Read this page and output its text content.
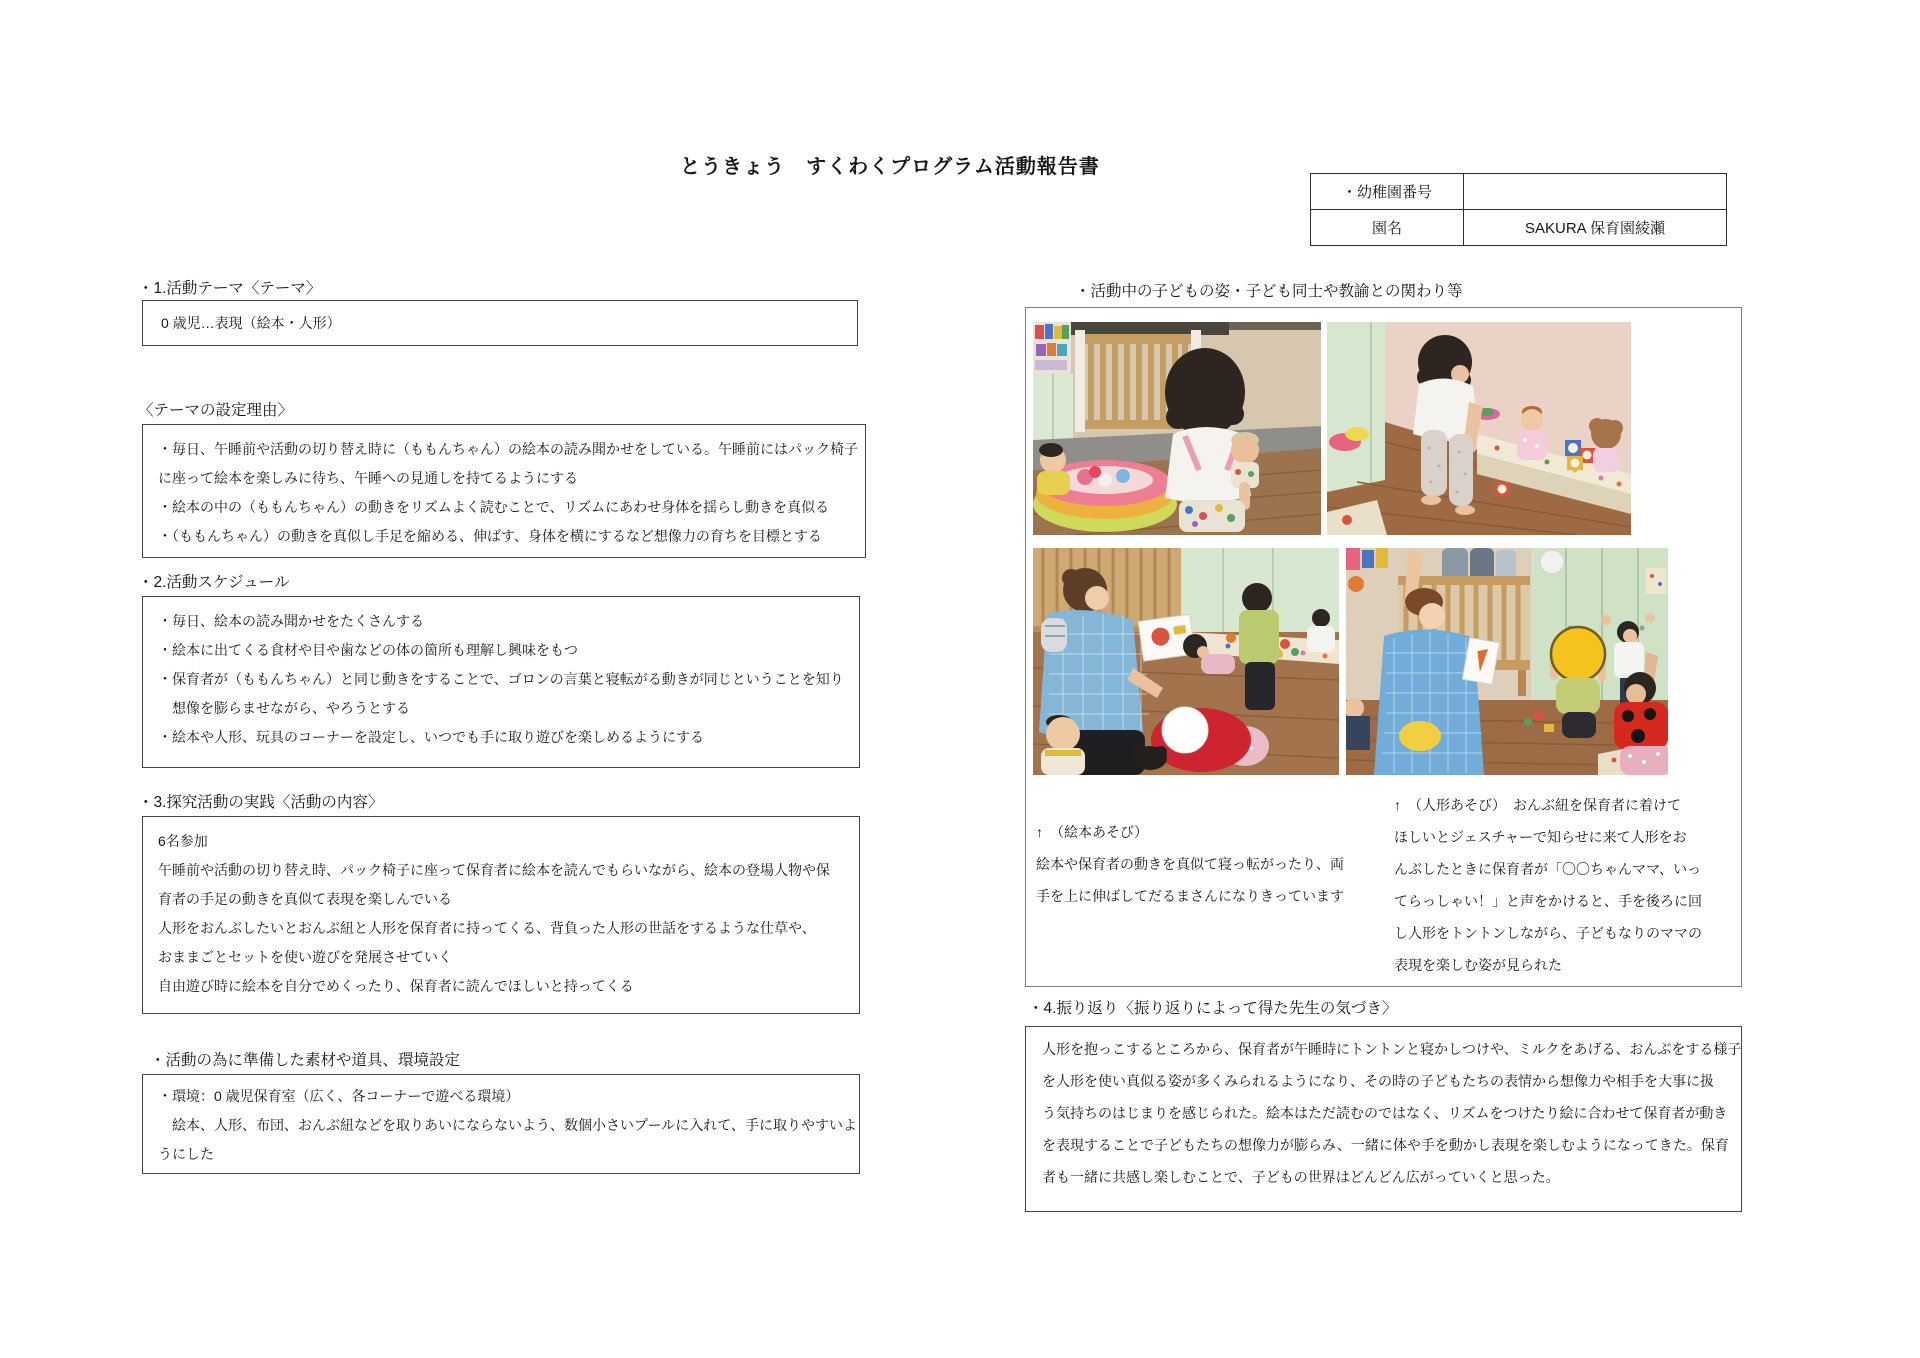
とうきょう　すくわくプログラム活動報告書
・幼稚園番号	
園名	SAKURA 保育園綾瀬
・1.活動テーマ〈テーマ〉
0 歳児…表現（絵本・人形）
〈テーマの設定理由〉
・毎日、午睡前や活動の切り替え時に（ももんちゃん）の絵本の読み聞かせをしている。午睡前にはパック椅子
に座って絵本を楽しみに待ち、午睡への見通しを持てるようにする
・絵本の中の（ももんちゃん）の動きをリズムよく読むことで、リズムにあわせ身体を揺らし動きを真似る
・（ももんちゃん）の動きを真似し手足を縮める、伸ばす、身体を横にするなど想像力の育ちを目標とする
・2.活動スケジュール
・毎日、絵本の読み聞かせをたくさんする
・絵本に出てくる食材や目や歯などの体の箇所も理解し興味をもつ
・保育者が（ももんちゃん）と同じ動きをすることで、ゴロンの言葉と寝転がる動きが同じということを知り
　想像を膨らませながら、やろうとする
・絵本や人形、玩具のコーナーを設定し、いつでも手に取り遊びを楽しめるようにする
・3.探究活動の実践〈活動の内容〉
6名参加
午睡前や活動の切り替え時、パック椅子に座って保育者に絵本を読んでもらいながら、絵本の登場人物や保
育者の手足の動きを真似て表現を楽しんでいる
人形をおんぶしたいとおんぶ紐と人形を保育者に持ってくる、背負った人形の世話をするような仕草や、
おままごとセットを使い遊びを発展させていく
自由遊び時に絵本を自分でめくったり、保育者に読んでほしいと持ってくる
・活動の為に準備した素材や道具、環境設定
・環境：0 歳児保育室（広く、各コーナーで遊べる環境）
　絵本、人形、布団、おんぶ紐などを取りあいにならないよう、数個小さいプールに入れて、手に取りやすいよ
うにした
・活動中の子どもの姿・子ども同士や教諭との関わり等
↑　（絵本あそび）
絵本や保育者の動きを真似て寝っ転がったり、両
手を上に伸ばしてだるまさんになりきっています
↑　（人形あそび）　おんぶ紐を保育者に着けて
ほしいとジェスチャーで知らせに来て人形をお
んぶしたときに保育者が「〇〇ちゃんママ、いっ
てらっしゃい！」と声をかけると、手を後ろに回
し人形をトントンしながら、子どもなりのママの
表現を楽しむ姿が見られた
・4.振り返り〈振り返りによって得た先生の気づき〉
人形を抱っこするところから、保育者が午睡時にトントンと寝かしつけや、ミルクをあげる、おんぶをする様子
を人形を使い真似る姿が多くみられるようになり、その時の子どもたちの表情から想像力や相手を大事に扱
う気持ちのはじまりを感じられた。絵本はただ読むのではなく、リズムをつけたり絵に合わせて保育者が動き
を表現することで子どもたちの想像力が膨らみ、一緒に体や手を動かし表現を楽しむようになってきた。保育
者も一緒に共感し楽しむことで、子どもの世界はどんどん広がっていくと思った。
